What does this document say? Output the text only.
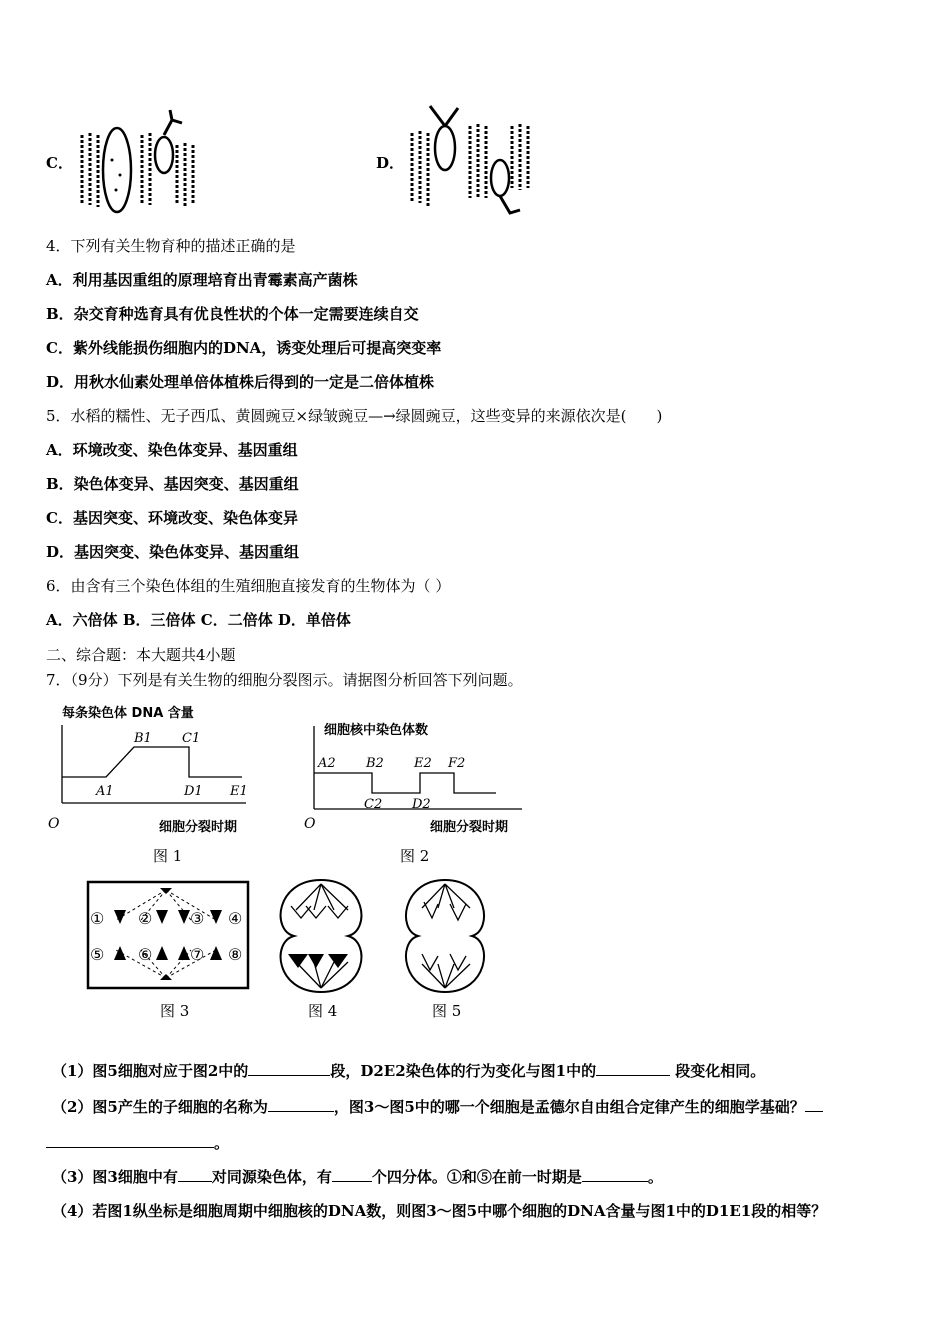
C．	D．
4．下列有关生物育种的描述正确的是
A．利用基因重组的原理培育出青霉素高产菌株
B．杂交育种选育具有优良性状的个体一定需要连续自交
C．紫外线能损伤细胞内的DNA，诱变处理后可提高突变率
D．用秋水仙素处理单倍体植株后得到的一定是二倍体植株
5．水稻的糯性、无子西瓜、黄圆豌豆×绿皱豌豆—→绿圆豌豆，这些变异的来源依次是(　　)
A．环境改变、染色体变异、基因重组
B．染色体变异、基因突变、基因重组
C．基因突变、环境改变、染色体变异
D．基因突变、染色体变异、基因重组
6．由含有三个染色体组的生殖细胞直接发育的生物体为（ ）
A．六倍体 B．三倍体 C．二倍体 D．单倍体
二、综合题：本大题共4小题
7．（9分）下列是有关生物的细胞分裂图示。请据图分析回答下列问题。
每条染色体 DNA 含量
O
A1
B1 C1
D1 E1
细胞分裂时期
图 1
细胞核中染色体数
O
A2 B2
C2 D2
E2 F2
细胞分裂时期
图 2
① ② ③ ④
⑤ ⑥ ⑦ ⑧
图 3	图 4	图 5
（1）图5细胞对应于图2中的	段，D2E2染色体的行为变化与图1中的	段变化相同。
（2）图5产生的子细胞的名称为	，图3～图5中的哪一个细胞是孟德尔自由组合定律产生的细胞学基础？
。
（3）图3细胞中有 对同源染色体，有	个四分体。①和⑤在前一时期是	。
（4）若图1纵坐标是细胞周期中细胞核的DNA数，则图3～图5中哪个细胞的DNA含量与图1中的D1E1段的相等？
